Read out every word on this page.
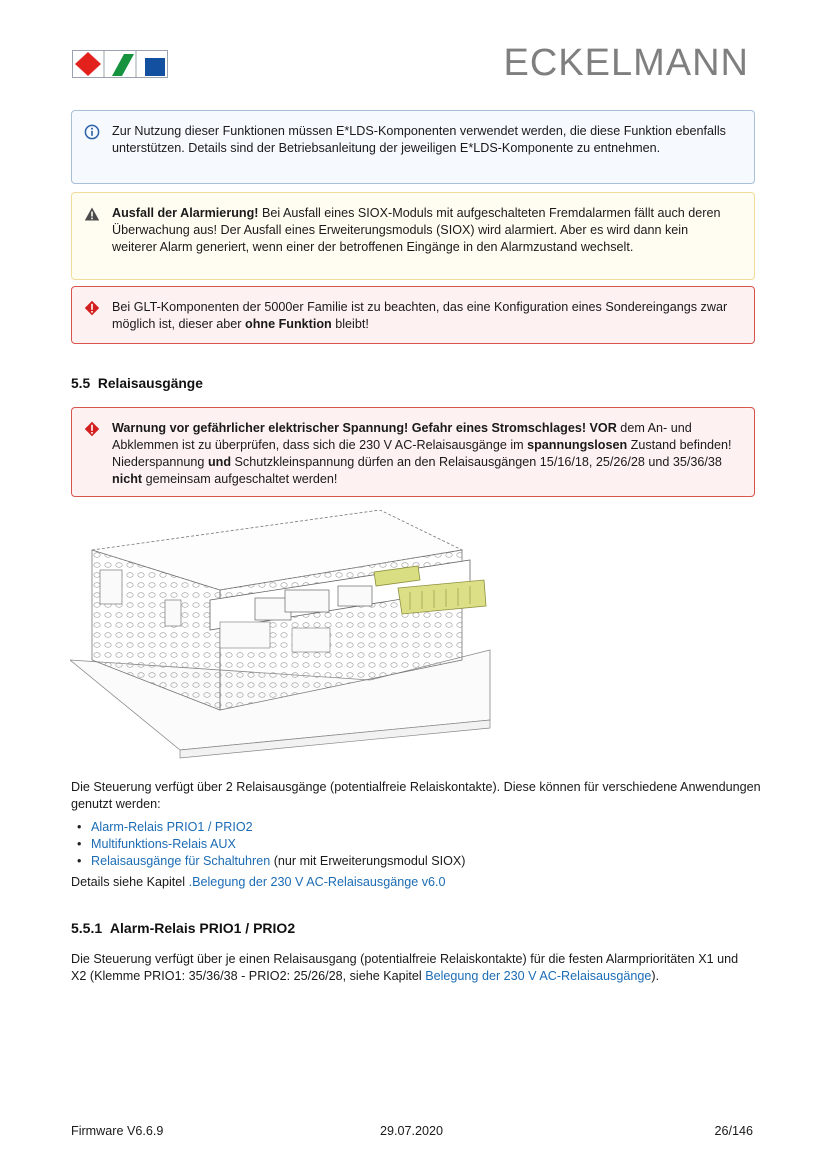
ECKELMANN
Zur Nutzung dieser Funktionen müssen E*LDS-Komponenten verwendet werden, die diese Funktion ebenfalls unterstützen. Details sind der Betriebsanleitung der jeweiligen E*LDS-Komponente zu entnehmen.
Ausfall der Alarmierung! Bei Ausfall eines SIOX-Moduls mit aufgeschalteten Fremdalarmen fällt auch deren Überwachung aus! Der Ausfall eines Erweiterungsmoduls (SIOX) wird alarmiert. Aber es wird dann kein weiterer Alarm generiert, wenn einer der betroffenen Eingänge in den Alarmzustand wechselt.
Bei GLT-Komponenten der 5000er Familie ist zu beachten, das eine Konfiguration eines Sondereingangs zwar möglich ist, dieser aber ohne Funktion bleibt!
5.5 Relaisausgänge
Warnung vor gefährlicher elektrischer Spannung! Gefahr eines Stromschlages! VOR dem An- und Abklemmen ist zu überprüfen, dass sich die 230 V AC-Relaisausgänge im spannungslosen Zustand befinden! Niederspannung und Schutzkleinspannung dürfen an den Relaisausgängen 15/16/18, 25/26/28 und 35/36/38 nicht gemeinsam aufgeschaltet werden!
Die Steuerung verfügt über 2 Relaisausgänge (potentialfreie Relaiskontakte). Diese können für verschiedene Anwendungen genutzt werden:
• Alarm-Relais PRIO1 / PRIO2
• Multifunktions-Relais AUX
• Relaisausgänge für Schaltuhren (nur mit Erweiterungsmodul SIOX)
Details siehe Kapitel .Belegung der 230 V AC-Relaisausgänge v6.0
5.5.1 Alarm-Relais PRIO1 / PRIO2
Die Steuerung verfügt über je einen Relaisausgang (potentialfreie Relaiskontakte) für die festen Alarmprioritäten X1 und X2 (Klemme PRIO1: 35/36/38 - PRIO2: 25/26/28, siehe Kapitel Belegung der 230 V AC-Relaisausgänge).
Firmware V6.6.9	29.07.2020	26/146
